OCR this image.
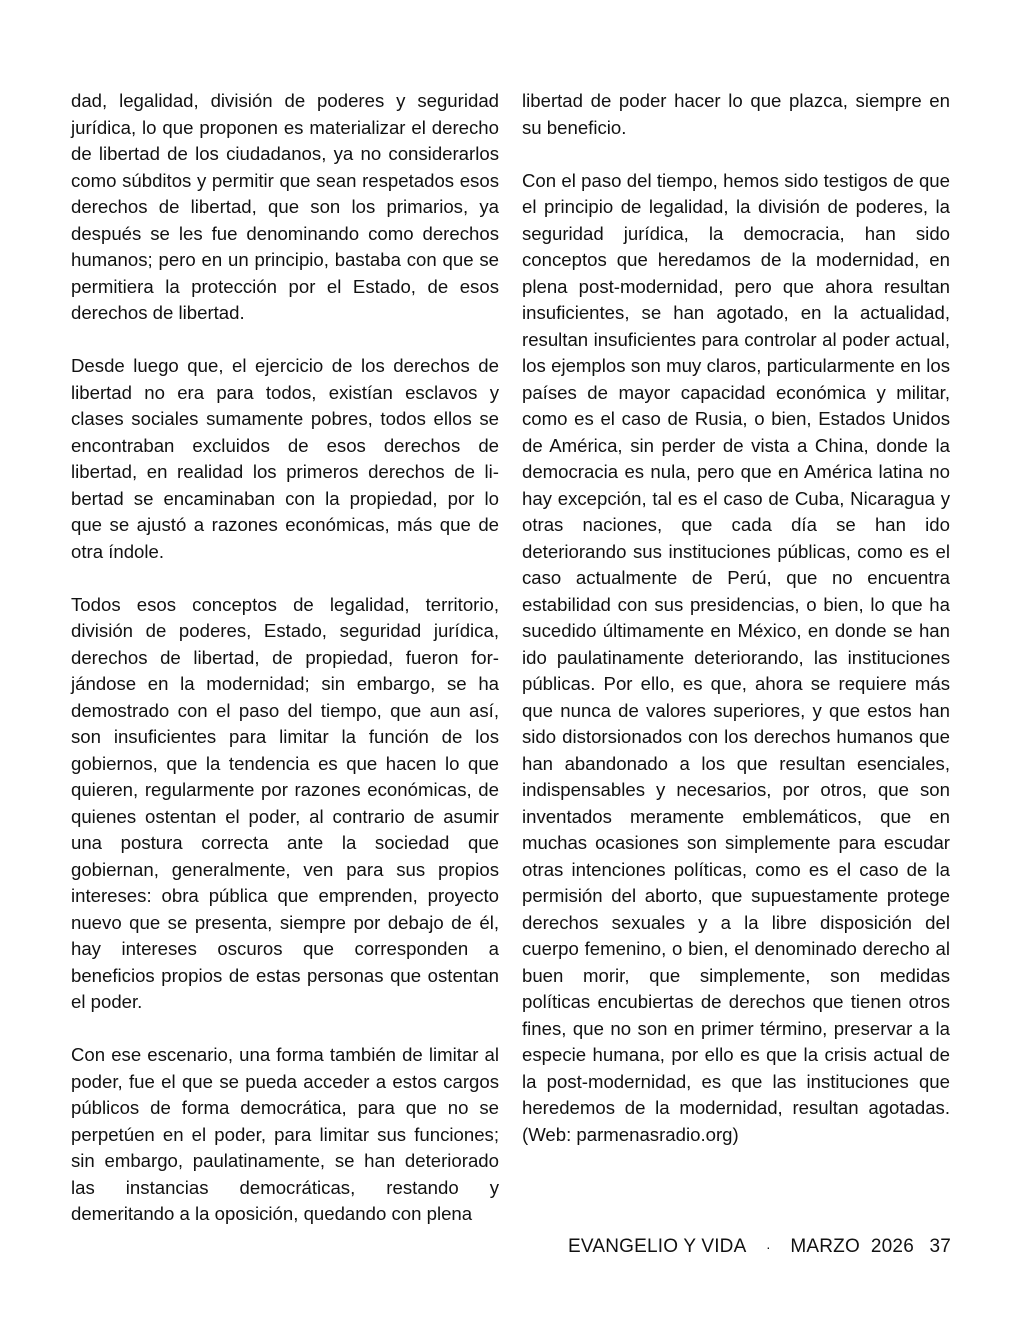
dad, legalidad, división de poderes y seguridad jurídica, lo que proponen es materializar el derecho de libertad de los ciudadanos, ya no considerarlos como súbditos y permitir que sean respetados esos derechos de libertad, que son los primarios, ya después se les fue denominando como derechos humanos; pero en un principio, bastaba con que se permitiera la protección por el Estado, de esos derechos de libertad.

Desde luego que, el ejercicio de los derechos de libertad no era para todos, existían esclavos y clases sociales sumamente pobres, todos ellos se encontraban excluidos de esos derechos de libertad, en realidad los primeros derechos de libertad se encaminaban con la propiedad, por lo que se ajustó a razones económicas, más que de otra índole.

Todos esos conceptos de legalidad, territorio, división de poderes, Estado, seguridad jurídica, derechos de libertad, de propiedad, fueron forjándose en la modernidad; sin embargo, se ha demostrado con el paso del tiempo, que aun así, son insuficientes para limitar la función de los gobiernos, que la tendencia es que hacen lo que quieren, regularmente por razones económicas, de quienes ostentan el poder, al contrario de asumir una postura correcta ante la sociedad que gobiernan, generalmente, ven para sus propios intereses: obra pública que emprenden, proyecto nuevo que se presenta, siempre por debajo de él, hay intereses oscuros que corresponden a beneficios propios de estas personas que ostentan el poder.

Con ese escenario, una forma también de limitar al poder, fue el que se pueda acceder a estos cargos públicos de forma democrática, para que no se perpetúen en el poder, para limitar sus funciones; sin embargo, paulatinamente, se han deteriorado las instancias democráticas, restando y demeritando a la oposición, quedando con plena

libertad de poder hacer lo que plazca, siempre en su beneficio.

Con el paso del tiempo, hemos sido testigos de que el principio de legalidad, la división de poderes, la seguridad jurídica, la democracia, han sido conceptos que heredamos de la modernidad, en plena post-modernidad, pero que ahora resultan insuficientes, se han agotado, en la actualidad, resultan insuficientes para controlar al poder actual, los ejemplos son muy claros, particularmente en los países de mayor capacidad económica y militar, como es el caso de Rusia, o bien, Estados Unidos de América, sin perder de vista a China, donde la democracia es nula, pero que en América latina no hay excepción, tal es el caso de Cuba, Nicaragua y otras naciones, que cada día se han ido deteriorando sus instituciones públicas, como es el caso actualmente de Perú, que no encuentra estabilidad con sus presidencias, o bien, lo que ha sucedido últimamente en México, en donde se han ido paulatinamente deteriorando, las instituciones públicas. Por ello, es que, ahora se requiere más que nunca de valores superiores, y que estos han sido distorsionados con los derechos humanos que han abandonado a los que resultan esenciales, indispensables y necesarios, por otros, que son inventados meramente emblemáticos, que en muchas ocasiones son simplemente para escudar otras intenciones políticas, como es el caso de la permisión del aborto, que supuestamente protege derechos sexuales y a la libre disposición del cuerpo femenino, o bien, el denominado derecho al buen morir, que simplemente, son medidas políticas encubiertas de derechos que tienen otros fines, que no son en primer término, preservar a la especie humana, por ello es que la crisis actual de la post-modernidad, es que las instituciones que heredemos de la modernidad, resultan agotadas. (Web: parmenasradio.org)

EVANGELIO Y VIDA · MARZO  2026 37
